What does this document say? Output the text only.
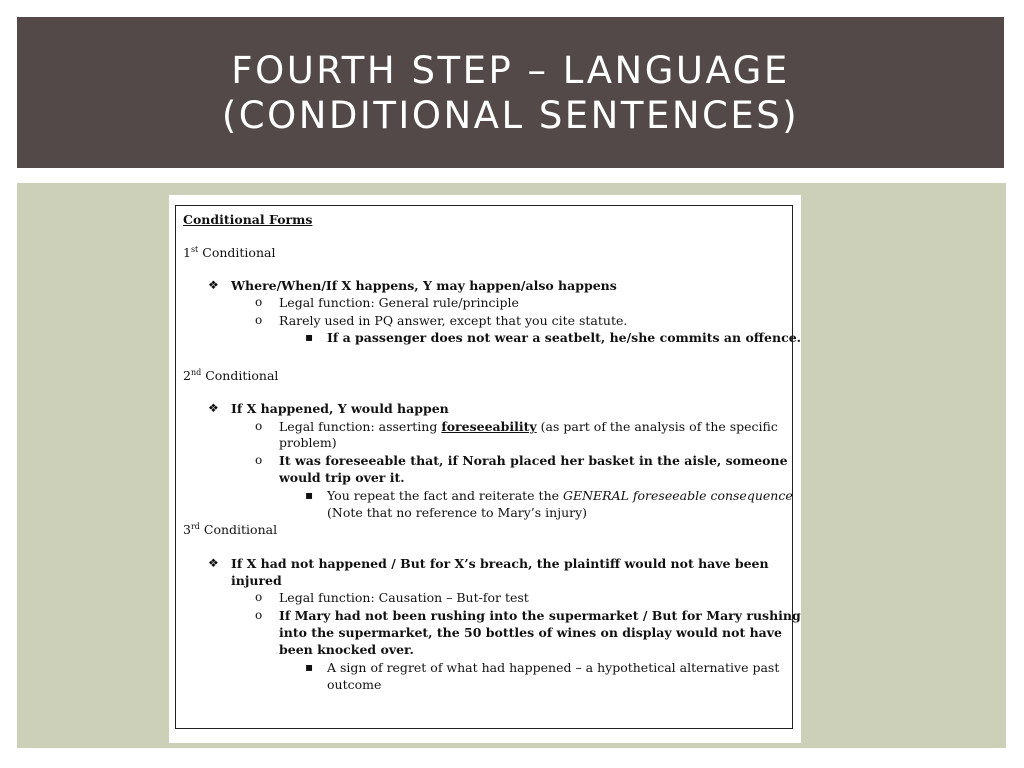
FOURTH STEP – LANGUAGE
(CONDITIONAL SENTENCES)
Conditional Forms
1st Conditional
❖ Where/When/If X happens, Y may happen/also happens
o Legal function: General rule/principle
o Rarely used in PQ answer, except that you cite statute.
▪ If a passenger does not wear a seatbelt, he/she commits an offence.
2nd Conditional
❖ If X happened, Y would happen
o Legal function: asserting foreseeability (as part of the analysis of the specific
problem)
o It was foreseeable that, if Norah placed her basket in the aisle, someone
would trip over it.
▪ You repeat the fact and reiterate the GENERAL foreseeable consequence
(Note that no reference to Mary’s injury)
3rd Conditional
❖ If X had not happened / But for X’s breach, the plaintiff would not have been
injured
o Legal function: Causation – But-for test
o If Mary had not been rushing into the supermarket / But for Mary rushing
into the supermarket, the 50 bottles of wines on display would not have
been knocked over.
▪ A sign of regret of what had happened – a hypothetical alternative past
outcome
